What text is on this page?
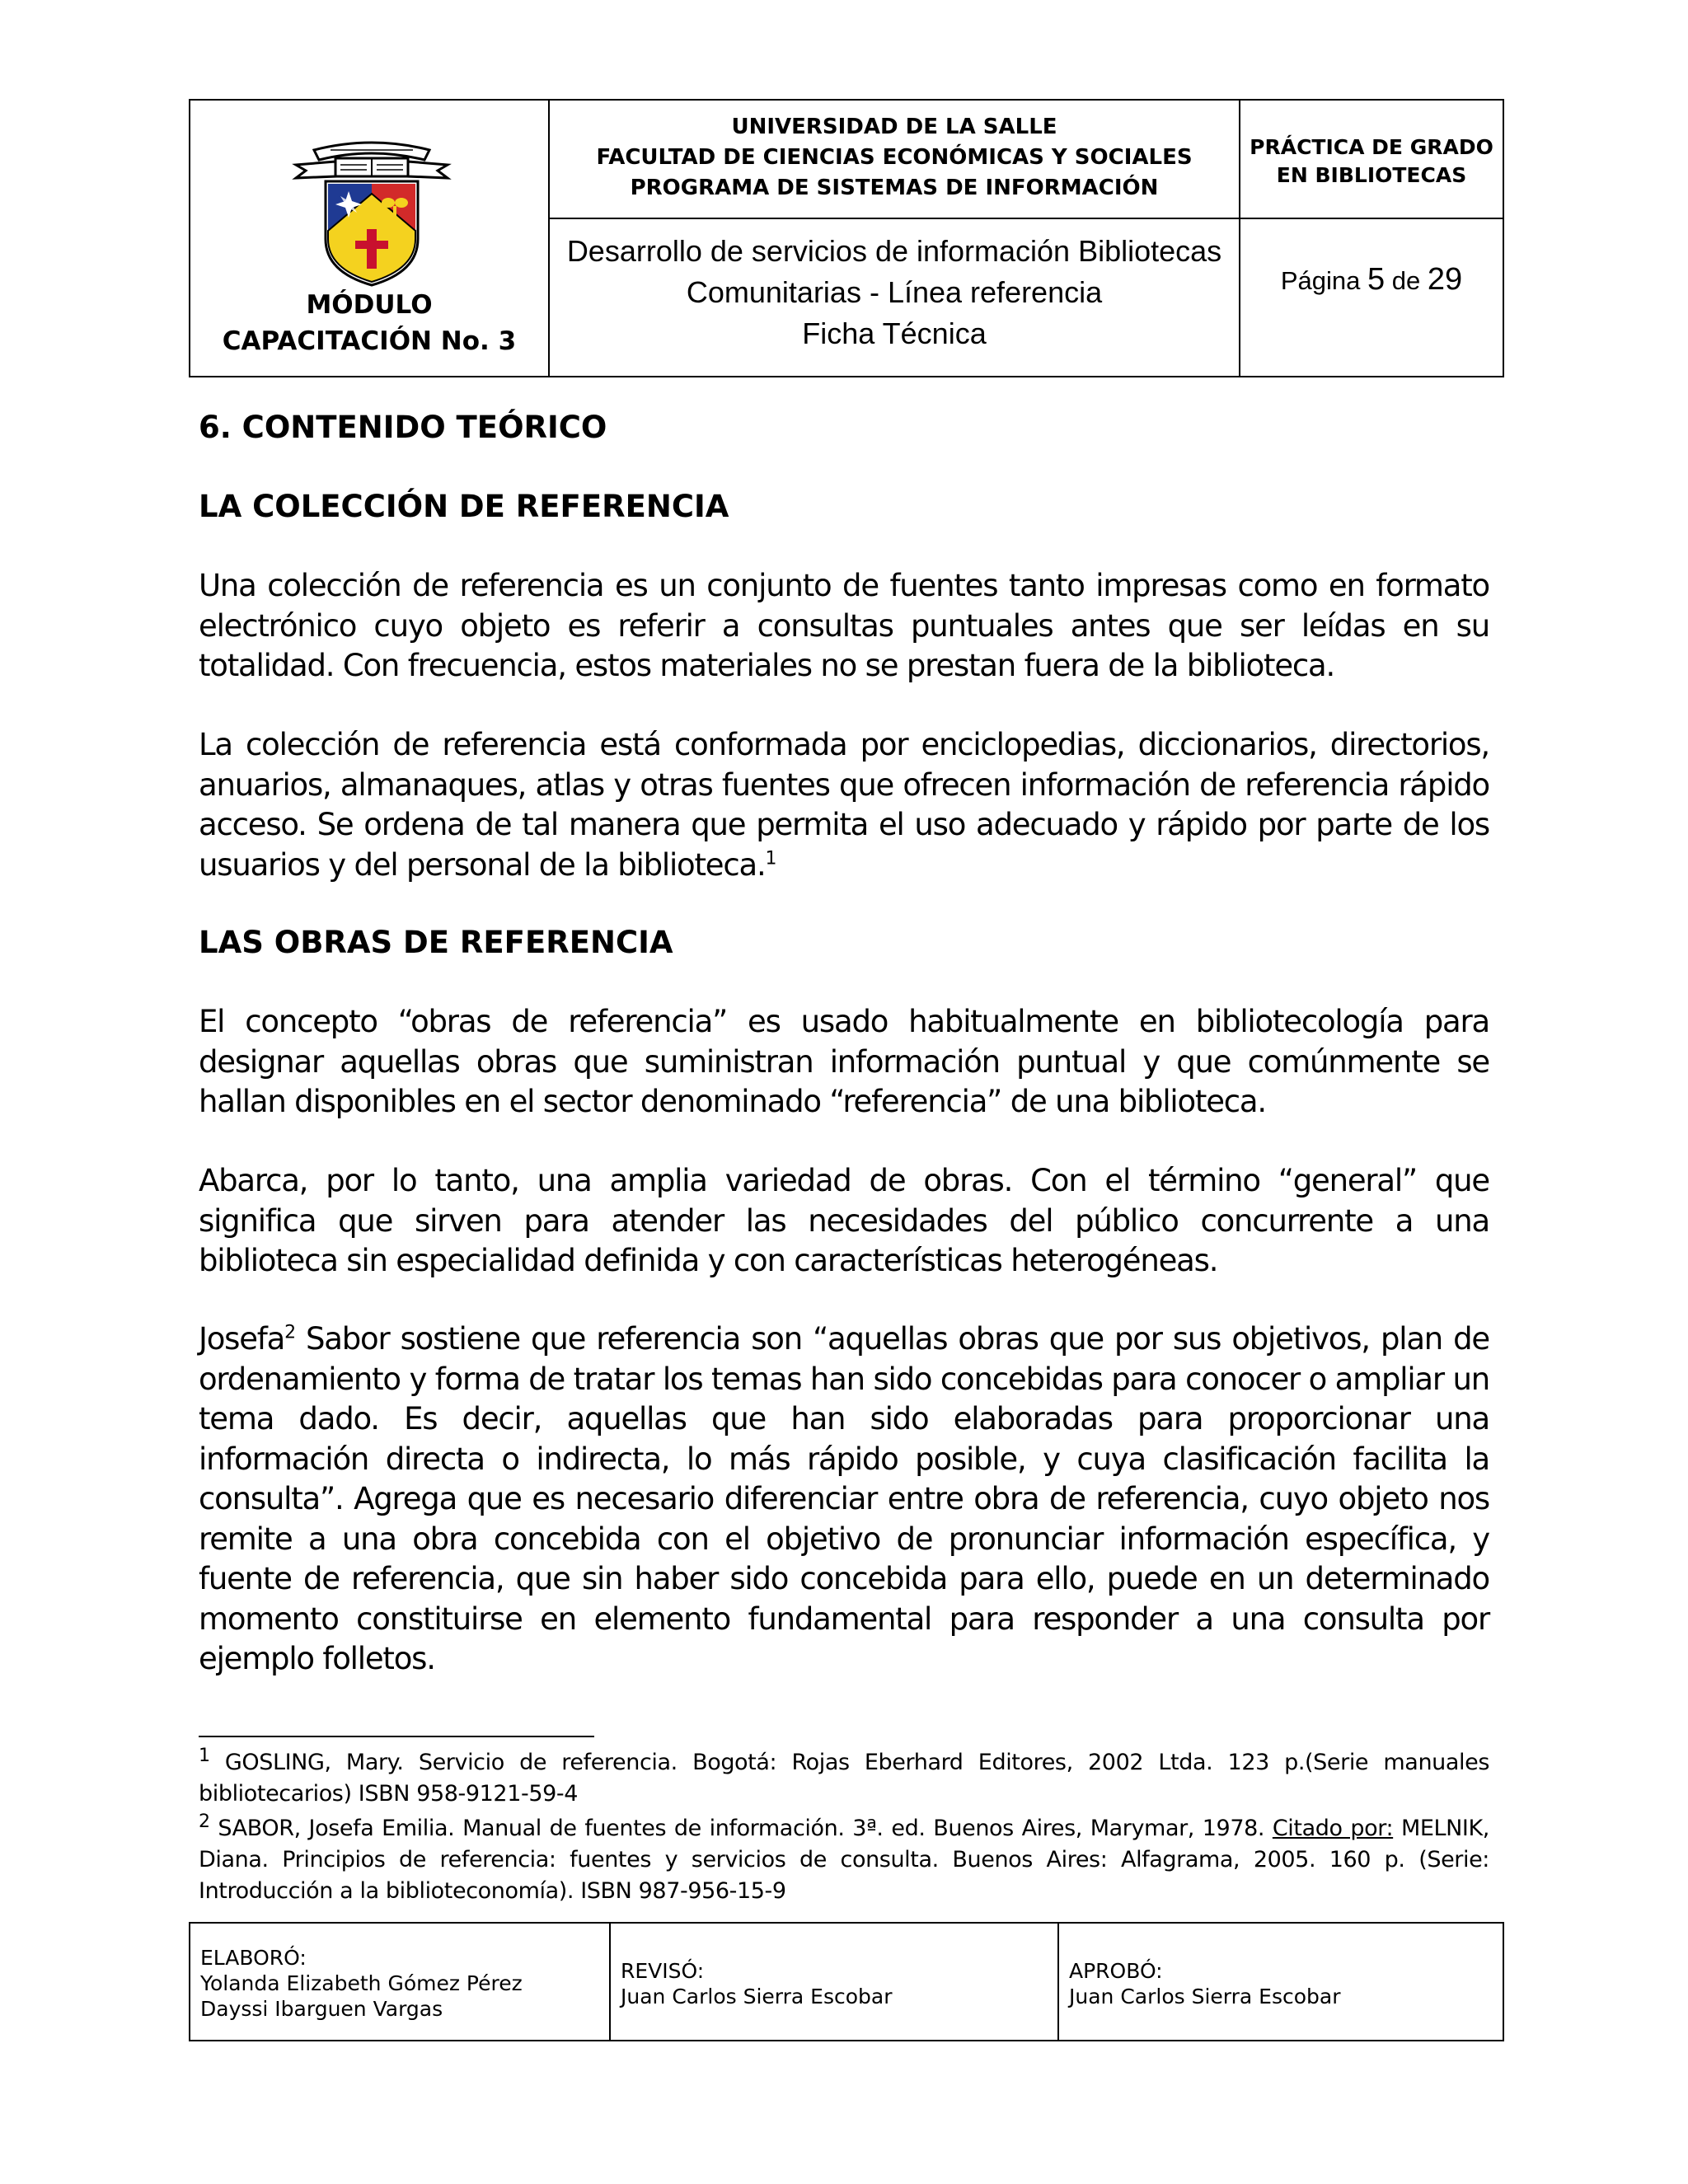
MÓDULO
CAPACITACIÓN No. 3
UNIVERSIDAD DE LA SALLE
FACULTAD DE CIENCIAS ECONÓMICAS Y SOCIALES
PROGRAMA DE SISTEMAS DE INFORMACIÓN
Desarrollo de servicios de información Bibliotecas
Comunitarias - Línea referencia
Ficha Técnica
PRÁCTICA DE GRADO
EN BIBLIOTECAS
Página 5 de 29
6. CONTENIDO TEÓRICO
LA COLECCIÓN DE REFERENCIA
Una colección de referencia es un conjunto de fuentes tanto impresas como en formato electrónico cuyo objeto es referir a consultas puntuales antes que ser leídas en su totalidad. Con frecuencia, estos materiales no se prestan fuera de la biblioteca.
La colección de referencia está conformada por enciclopedias, diccionarios, directorios, anuarios, almanaques, atlas y otras fuentes que ofrecen información de referencia rápido acceso. Se ordena de tal manera que permita el uso adecuado y rápido por parte de los usuarios y del personal de la biblioteca.$^1$
LAS OBRAS DE REFERENCIA
El concepto “obras de referencia” es usado habitualmente en bibliotecología para designar aquellas obras que suministran información puntual y que comúnmente se hallan disponibles en el sector denominado “referencia” de una biblioteca.
Abarca, por lo tanto, una amplia variedad de obras. Con el término “general” que significa que sirven para atender las necesidades del público concurrente a una biblioteca sin especialidad definida y con características heterogéneas.
Josefa$^2$ Sabor sostiene que referencia son “aquellas obras que por sus objetivos, plan de ordenamiento y forma de tratar los temas han sido concebidas para conocer o ampliar un tema dado. Es decir, aquellas que han sido elaboradas para proporcionar una información directa o indirecta, lo más rápido posible, y cuya clasificación facilita la consulta”. Agrega que es necesario diferenciar entre obra de referencia, cuyo objeto nos remite a una obra concebida con el objetivo de pronunciar información específica, y fuente de referencia, que sin haber sido concebida para ello, puede en un determinado momento constituirse en elemento fundamental para responder a una consulta por ejemplo folletos.
$^1$ GOSLING, Mary. Servicio de referencia. Bogotá: Rojas Eberhard Editores, 2002 Ltda. 123 p.(Serie manuales bibliotecarios) ISBN 958-9121-59-4
$^2$ SABOR, Josefa Emilia. Manual de fuentes de información. 3ª. ed. Buenos Aires, Marymar, 1978. Citado por: MELNIK, Diana. Principios de referencia: fuentes y servicios de consulta. Buenos Aires: Alfagrama, 2005. 160 p. (Serie: Introducción a la biblioteconomía). ISBN 987-956-15-9
ELABORÓ:
Yolanda Elizabeth Gómez Pérez
Dayssi Ibarguen Vargas
REVISÓ:
Juan Carlos Sierra Escobar
APROBÓ:
Juan Carlos Sierra Escobar
